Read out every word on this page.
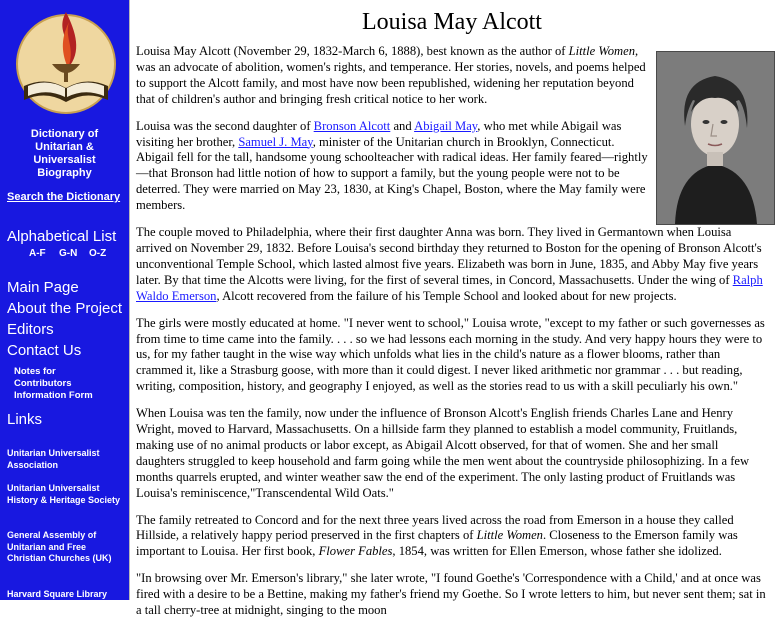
Dictionary of
Unitarian &
Universalist
Biography
Search the Dictionary
Alphabetical List
A-F G-N O-Z
Main Page
About the Project
Editors
Contact Us
Notes for Contributors
Information Form
Links
Unitarian Universalist Association
Unitarian Universalist History & Heritage Society
General Assembly of Unitarian and Free Christian Churches (UK)
Harvard Square Library
Louisa May Alcott

Louisa May Alcott (November 29, 1832-March 6, 1888), best known as the author of Little Women, was an advocate of abolition, women's rights, and temperance. Her stories, novels, and poems helped to support the Alcott family, and most have now been republished, widening her reputation beyond that of children's author and bringing fresh critical notice to her work.

Louisa was the second daughter of Bronson Alcott and Abigail May, who met while Abigail was visiting her brother, Samuel J. May, minister of the Unitarian church in Brooklyn, Connecticut. Abigail fell for the tall, handsome young schoolteacher with radical ideas. Her family feared—rightly—that Bronson had little notion of how to support a family, but the young people were not to be deterred. They were married on May 23, 1830, at King's Chapel, Boston, where the May family were members.

The couple moved to Philadelphia, where their first daughter Anna was born. They lived in Germantown when Louisa arrived on November 29, 1832. Before Louisa's second birthday they returned to Boston for the opening of Bronson Alcott's unconventional Temple School, which lasted almost five years. Elizabeth was born in June, 1835, and Abby May five years later. By that time the Alcotts were living, for the first of several times, in Concord, Massachusetts. Under the wing of Ralph Waldo Emerson, Alcott recovered from the failure of his Temple School and looked about for new projects.

The girls were mostly educated at home. "I never went to school," Louisa wrote, "except to my father or such governesses as from time to time came into the family. . . . so we had lessons each morning in the study. And very happy hours they were to us, for my father taught in the wise way which unfolds what lies in the child's nature as a flower blooms, rather than crammed it, like a Strasburg goose, with more than it could digest. I never liked arithmetic nor grammar . . . but reading, writing, composition, history, and geography I enjoyed, as well as the stories read to us with a skill peculiarly his own."

When Louisa was ten the family, now under the influence of Bronson Alcott's English friends Charles Lane and Henry Wright, moved to Harvard, Massachusetts. On a hillside farm they planned to establish a model community, Fruitlands, making use of no animal products or labor except, as Abigail Alcott observed, for that of women. She and her small daughters struggled to keep household and farm going while the men went about the countryside philosophizing. In a few months quarrels erupted, and winter weather saw the end of the experiment. The only lasting product of Fruitlands was Louisa's reminiscence,"Transcendental Wild Oats."

The family retreated to Concord and for the next three years lived across the road from Emerson in a house they called Hillside, a relatively happy period preserved in the first chapters of Little Women. Closeness to the Emerson family was important to Louisa. Her first book, Flower Fables, 1854, was written for Ellen Emerson, whose father she idolized.

"In browsing over Mr. Emerson's library," she later wrote, "I found Goethe's 'Correspondence with a Child,' and at once was fired with a desire to be a Bettine, making my father's friend my Goethe. So I wrote letters to him, but never sent them; sat in a tall cherry-tree at midnight, singing to the moon
